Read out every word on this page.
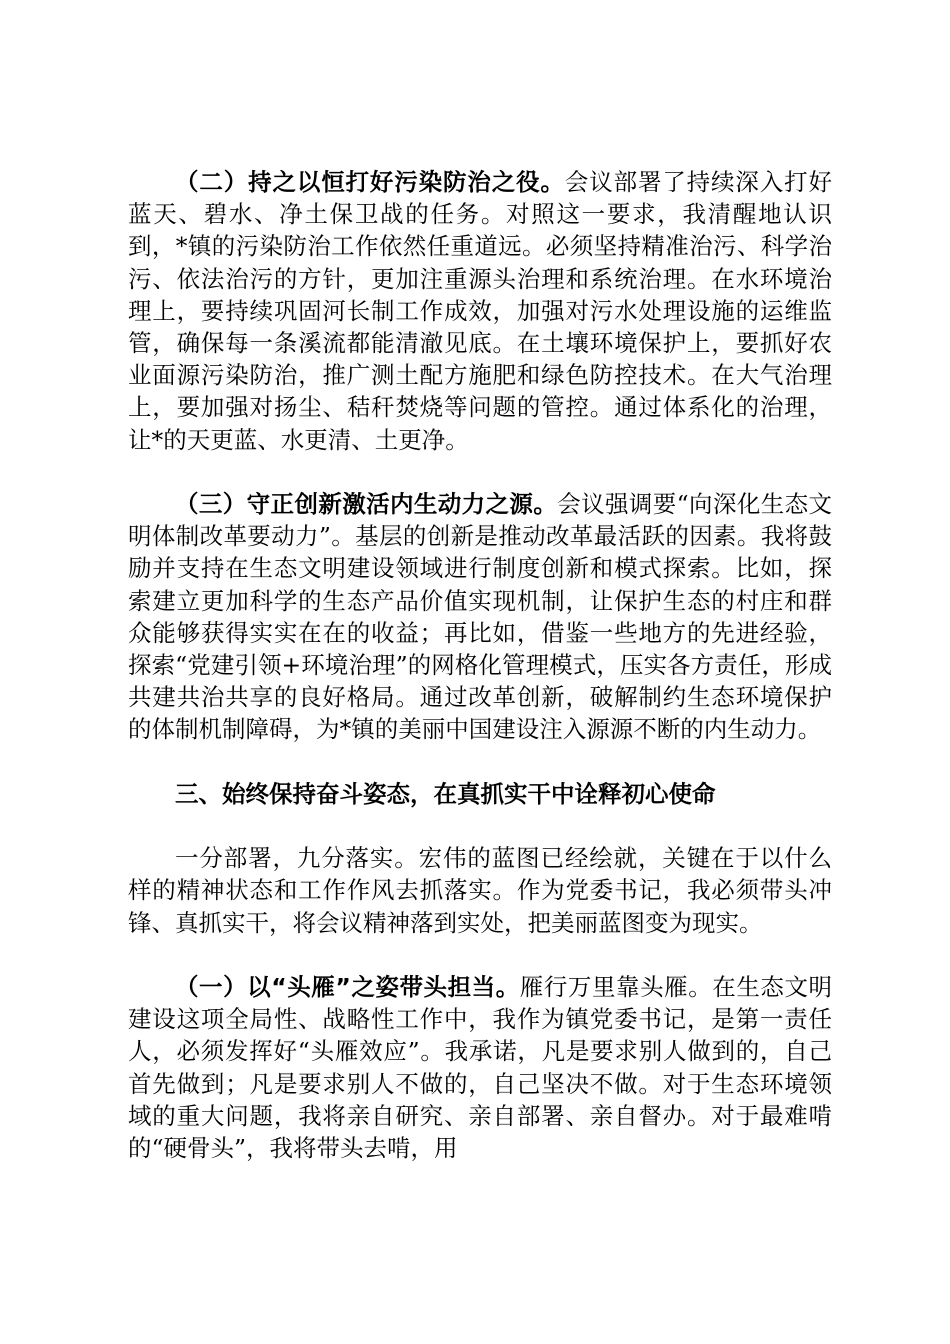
（二）持之以恒打好污染防治之役。会议部署了持续深入打好蓝天、碧水、净土保卫战的任务。对照这一要求，我清醒地认识到，*镇的污染防治工作依然任重道远。必须坚持精准治污、科学治污、依法治污的方针，更加注重源头治理和系统治理。在水环境治理上，要持续巩固河长制工作成效，加强对污水处理设施的运维监管，确保每一条溪流都能清澈见底。在土壤环境保护上，要抓好农业面源污染防治，推广测土配方施肥和绿色防控技术。在大气治理上，要加强对扬尘、秸秆焚烧等问题的管控。通过体系化的治理，让*的天更蓝、水更清、土更净。

（三）守正创新激活内生动力之源。会议强调要“向深化生态文明体制改革要动力”。基层的创新是推动改革最活跃的因素。我将鼓励并支持在生态文明建设领域进行制度创新和模式探索。比如，探索建立更加科学的生态产品价值实现机制，让保护生态的村庄和群众能够获得实实在在的收益；再比如，借鉴一些地方的先进经验，探索“党建引领+环境治理”的网格化管理模式，压实各方责任，形成共建共治共享的良好格局。通过改革创新，破解制约生态环境保护的体制机制障碍，为*镇的美丽中国建设注入源源不断的内生动力。

三、始终保持奋斗姿态，在真抓实干中诠释初心使命

一分部署，九分落实。宏伟的蓝图已经绘就，关键在于以什么样的精神状态和工作作风去抓落实。作为党委书记，我必须带头冲锋、真抓实干，将会议精神落到实处，把美丽蓝图变为现实。

（一）以“头雁”之姿带头担当。雁行万里靠头雁。在生态文明建设这项全局性、战略性工作中，我作为镇党委书记，是第一责任人，必须发挥好“头雁效应”。我承诺，凡是要求别人做到的，自己首先做到；凡是要求别人不做的，自己坚决不做。对于生态环境领域的重大问题，我将亲自研究、亲自部署、亲自督办。对于最难啃的“硬骨头”，我将带头去啃，用
